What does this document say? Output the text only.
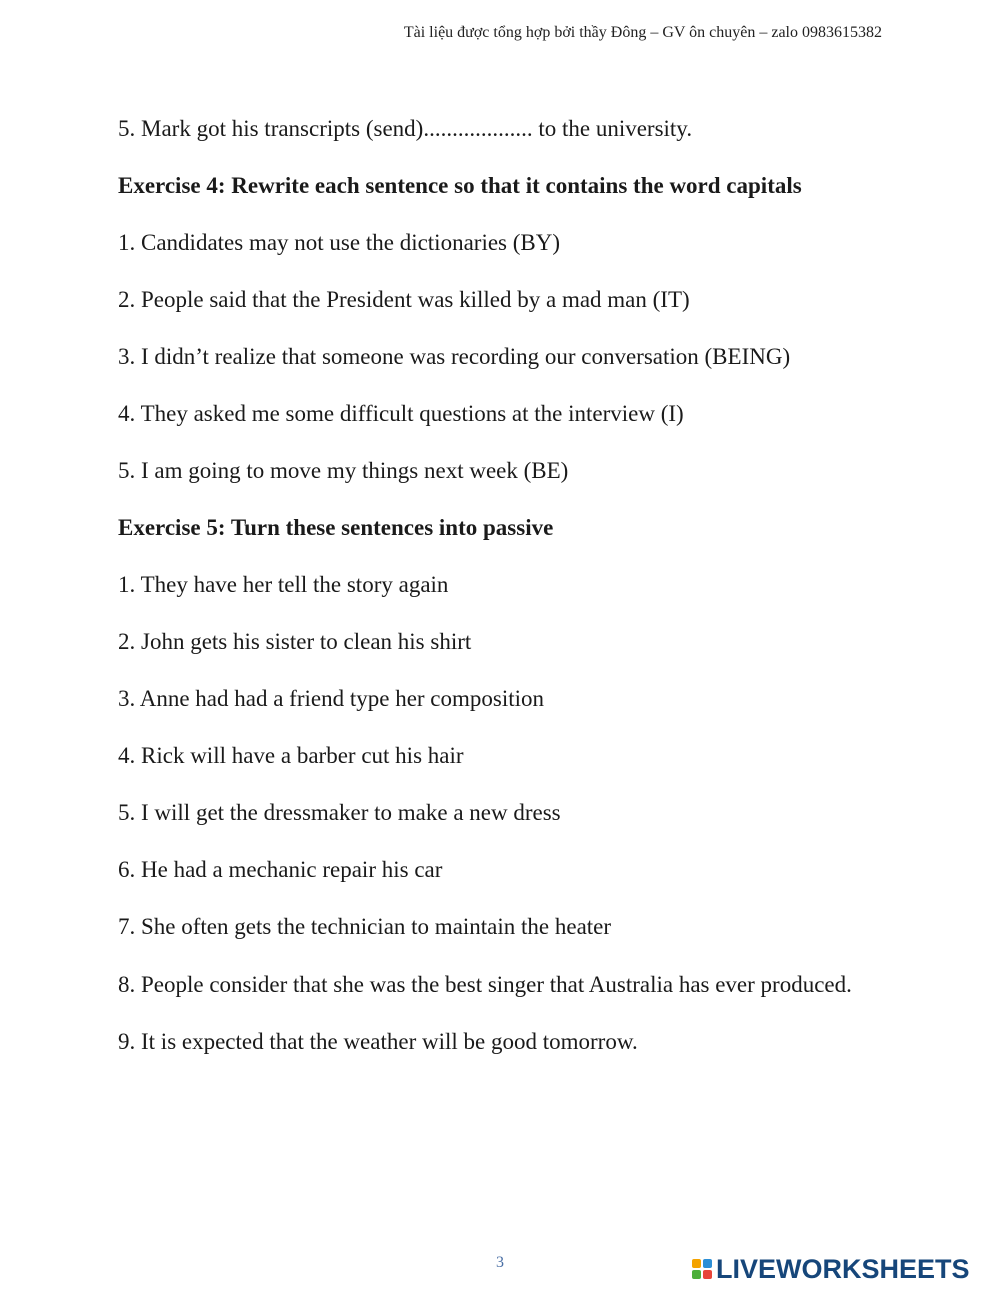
Tài liệu được tổng hợp bởi thầy Đông – GV ôn chuyên – zalo 0983615382
5. Mark got his transcripts (send)................... to the university.
Exercise 4: Rewrite each sentence so that it contains the word capitals
1. Candidates may not use the dictionaries (BY)
2. People said that the President was killed by a mad man (IT)
3. I didn’t realize that someone was recording our conversation (BEING)
4. They asked me some difficult questions at the interview (I)
5. I am going to move my things next week (BE)
Exercise 5: Turn these sentences into passive
1. They have her tell the story again
2. John gets his sister to clean his shirt
3. Anne had had a friend type her composition
4. Rick will have a barber cut his hair
5. I will get the dressmaker to make a new dress
6. He had a mechanic repair his car
7. She often gets the technician to maintain the heater
8. People consider that she was the best singer that Australia has ever produced.
9. It is expected that the weather will be good tomorrow.
3	LIVEWORKSHEETS
